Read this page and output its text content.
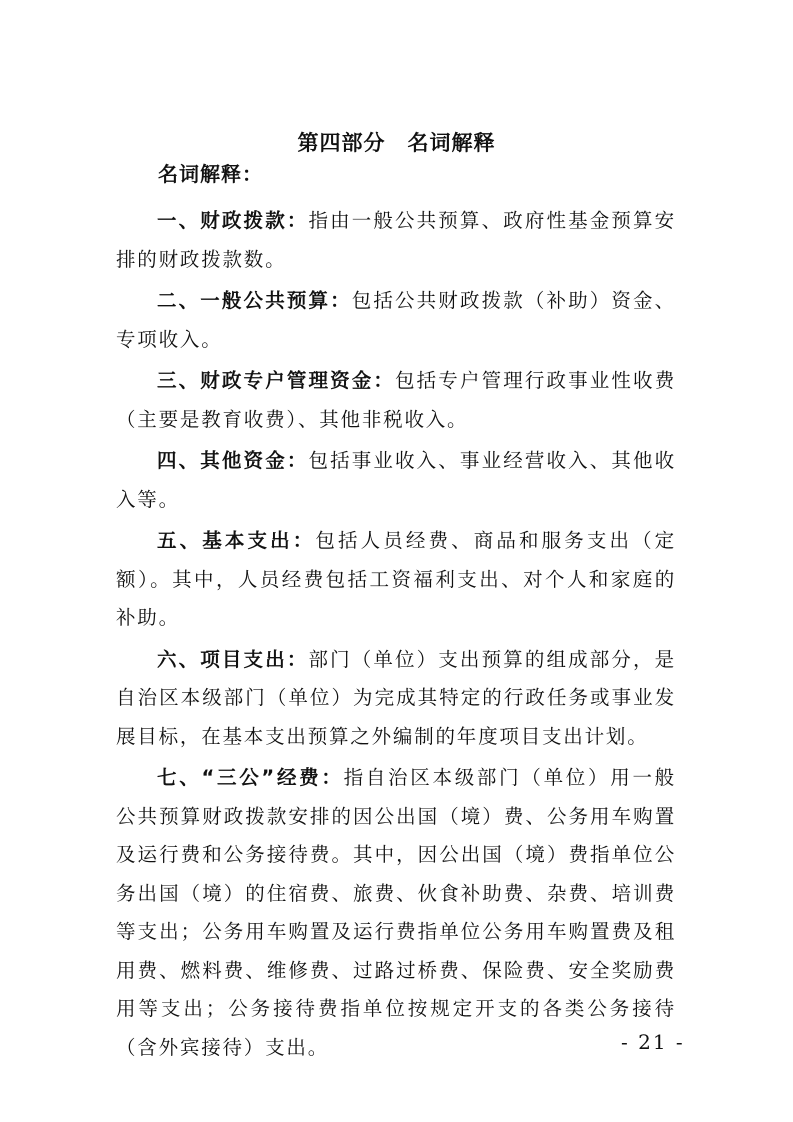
第四部分 名词解释
名词解释：

一、财政拨款：指由一般公共预算、政府性基金预算安排的财政拨款数。

二、一般公共预算：包括公共财政拨款（补助）资金、专项收入。

三、财政专户管理资金：包括专户管理行政事业性收费（主要是教育收费）、其他非税收入。

四、其他资金：包括事业收入、事业经营收入、其他收入等。

五、基本支出：包括人员经费、商品和服务支出（定额）。其中，人员经费包括工资福利支出、对个人和家庭的补助。

六、项目支出：部门（单位）支出预算的组成部分，是自治区本级部门（单位）为完成其特定的行政任务或事业发展目标，在基本支出预算之外编制的年度项目支出计划。

七、“三公”经费：指自治区本级部门（单位）用一般公共预算财政拨款安排的因公出国（境）费、公务用车购置及运行费和公务接待费。其中，因公出国（境）费指单位公务出国（境）的住宿费、旅费、伙食补助费、杂费、培训费等支出；公务用车购置及运行费指单位公务用车购置费及租用费、燃料费、维修费、过路过桥费、保险费、安全奖励费用等支出；公务接待费指单位按规定开支的各类公务接待（含外宾接待）支出。	- 21 -
